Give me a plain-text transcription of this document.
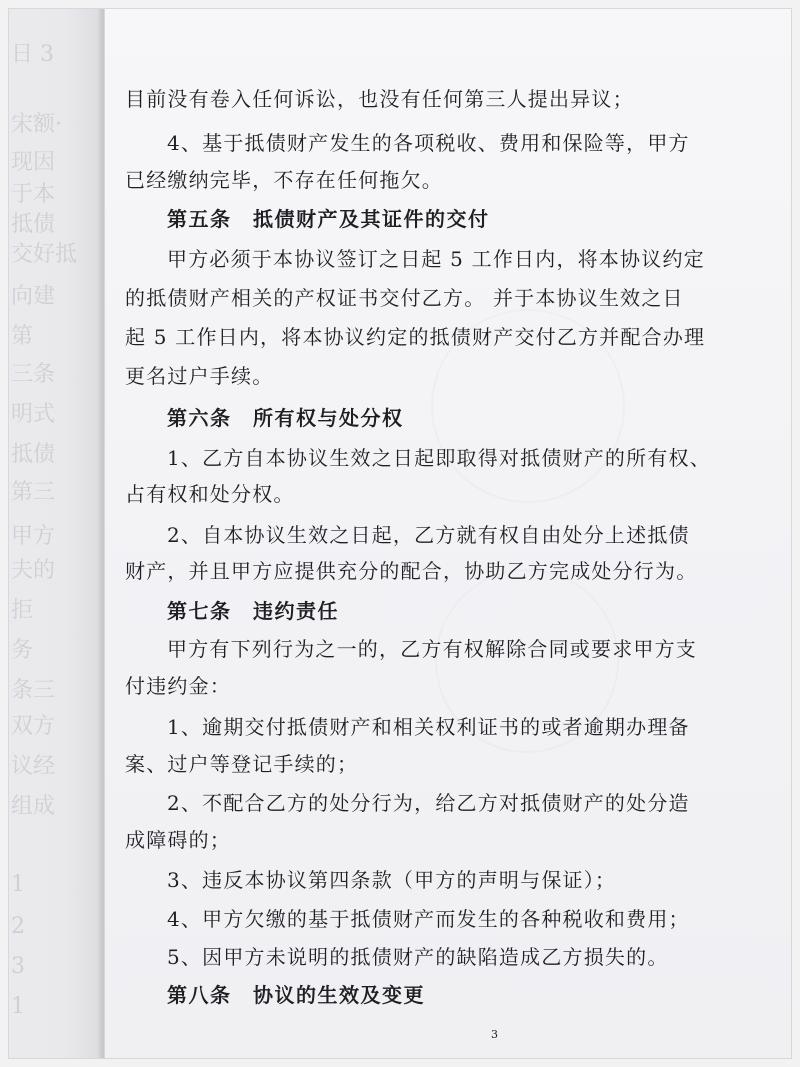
日 3
宋额·
现因
于本
抵债
交好抵
向建
第
三条
明式
抵债
第三
甲方
夫的
拒
务
条三
双方
议经
组成
1
2
3
1
目前没有卷入任何诉讼，也没有任何第三人提出异议；
4、基于抵债财产发生的各项税收、费用和保险等，甲方
已经缴纳完毕，不存在任何拖欠。
第五条　抵债财产及其证件的交付
甲方必须于本协议签订之日起 5 工作日内，将本协议约定
的抵债财产相关的产权证书交付乙方。 并于本协议生效之日
起 5 工作日内，将本协议约定的抵债财产交付乙方并配合办理
更名过户手续。
第六条　所有权与处分权
1、乙方自本协议生效之日起即取得对抵债财产的所有权、
占有权和处分权。
2、自本协议生效之日起，乙方就有权自由处分上述抵债
财产，并且甲方应提供充分的配合，协助乙方完成处分行为。
第七条　违约责任
甲方有下列行为之一的，乙方有权解除合同或要求甲方支
付违约金：
1、逾期交付抵债财产和相关权利证书的或者逾期办理备
案、过户等登记手续的；
2、不配合乙方的处分行为，给乙方对抵债财产的处分造
成障碍的；
3、违反本协议第四条款（甲方的声明与保证）；
4、甲方欠缴的基于抵债财产而发生的各种税收和费用；
5、因甲方未说明的抵债财产的缺陷造成乙方损失的。
第八条　协议的生效及变更
3
